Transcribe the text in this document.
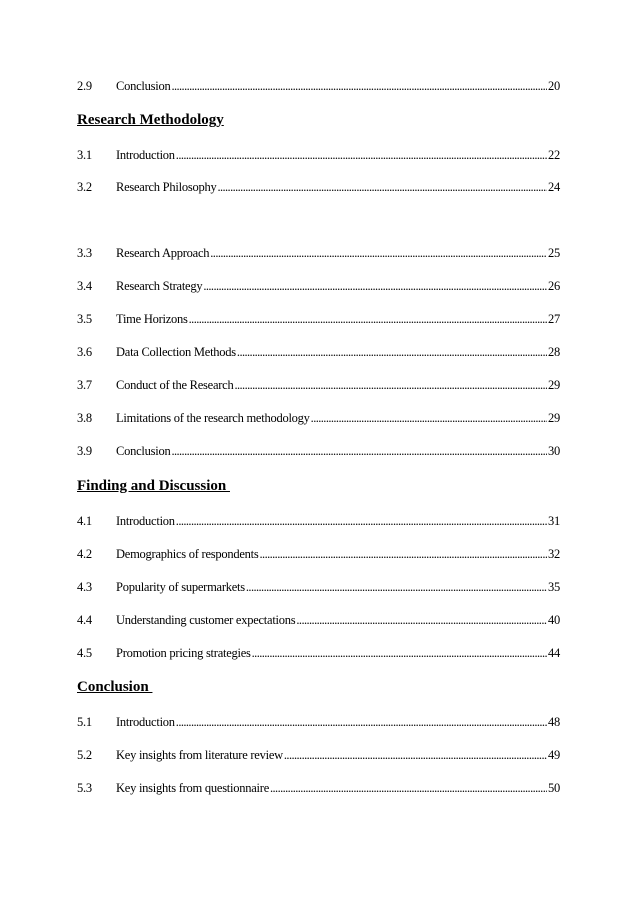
2.9	Conclusion .....	20
Research Methodology
3.1	Introduction .....	22
3.2	Research Philosophy .....	24
3.3	Research Approach .....	25
3.4	Research Strategy .....	26
3.5	Time Horizons .....	27
3.6	Data Collection Methods .....	28
3.7	Conduct of the Research .....	29
3.8	Limitations of the research methodology .....	29
3.9	Conclusion .....	30
Finding and Discussion
4.1	Introduction .....	31
4.2	Demographics of respondents .....	32
4.3	Popularity of supermarkets .....	35
4.4	Understanding customer expectations .....	40
4.5	Promotion pricing strategies .....	44
Conclusion
5.1	Introduction .....	48
5.2	Key insights from literature review .....	49
5.3	Key insights from questionnaire .....	50
